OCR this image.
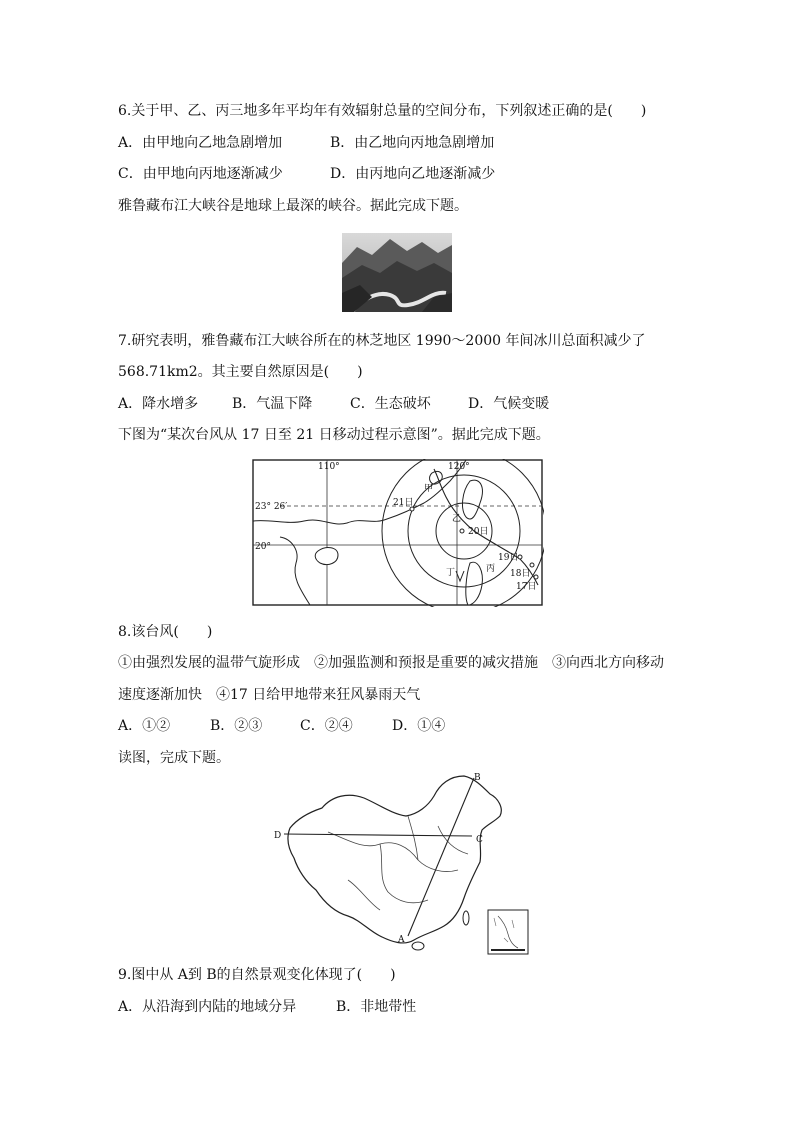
6.关于甲、乙、丙三地多年平均年有效辐射总量的空间分布，下列叙述正确的是(　　)
A．由甲地向乙地急剧增加	B．由乙地向丙地急剧增加
C．由甲地向丙地逐渐减少	D．由丙地向乙地逐渐减少
雅鲁藏布江大峡谷是地球上最深的峡谷。据此完成下题。
7.研究表明，雅鲁藏布江大峡谷所在的林芝地区 1990～2000 年间冰川总面积减少了
568.71km2。其主要自然原因是(　　)
A．降水增多 B．气温下降	C．生态破坏	D．气候变暖
下图为“某次台风从 17 日至 21 日移动过程示意图”。据此完成下题。
110°	120°
23° 26′
20°
甲
乙
丙
丁
21日
20日
19日
18日
17日
8.该台风(　　)
①由强烈发展的温带气旋形成　②加强监测和预报是重要的减灾措施　③向西北方向移动
速度逐渐加快　④17 日给甲地带来狂风暴雨天气
A．①②	B．②③	C．②④	D．①④
读图，完成下题。
A
B
C
D
9.图中从 A到 B的自然景观变化体现了(　　)
A．从沿海到内陆的地域分异	B．非地带性
